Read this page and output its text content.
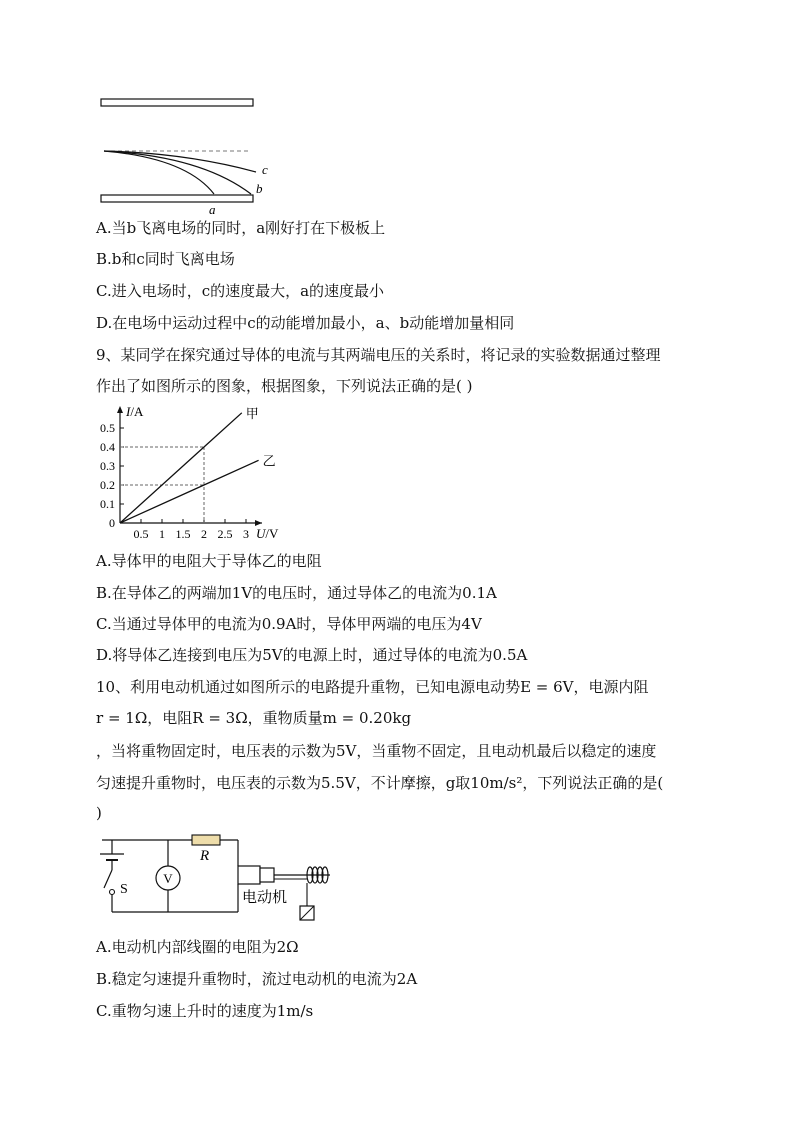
c
b
a
A.当b飞离电场的同时，a刚好打在下极板上
B.b和c同时飞离电场
C.进入电场时，c的速度最大，a的速度最小
D.在电场中运动过程中c的动能增加最小，a、b动能增加量相同
9、某同学在探究通过导体的电流与其两端电压的关系时，将记录的实验数据通过整理
作出了如图所示的图象，根据图象，下列说法正确的是( )
I/A
U/V
0.5
0.4
0.3
0.2
0.1
0
0.5 1 1.5 2 2.5 3
甲
乙
A.导体甲的电阻大于导体乙的电阻
B.在导体乙的两端加1V的电压时，通过导体乙的电流为0.1A
C.当通过导体甲的电流为0.9A时，导体甲两端的电压为4V
D.将导体乙连接到电压为5V的电源上时，通过导体的电流为0.5A
10、利用电动机通过如图所示的电路提升重物，已知电源电动势E = 6V，电源内阻
r = 1Ω，电阻R = 3Ω，重物质量m = 0.20kg
，当将重物固定时，电压表的示数为5V，当重物不固定，且电动机最后以稳定的速度
匀速提升重物时，电压表的示数为5.5V，不计摩擦，g取10m/s²，下列说法正确的是(
)
S
V
R
电动机
A.电动机内部线圈的电阻为2Ω
B.稳定匀速提升重物时，流过电动机的电流为2A
C.重物匀速上升时的速度为1m/s
